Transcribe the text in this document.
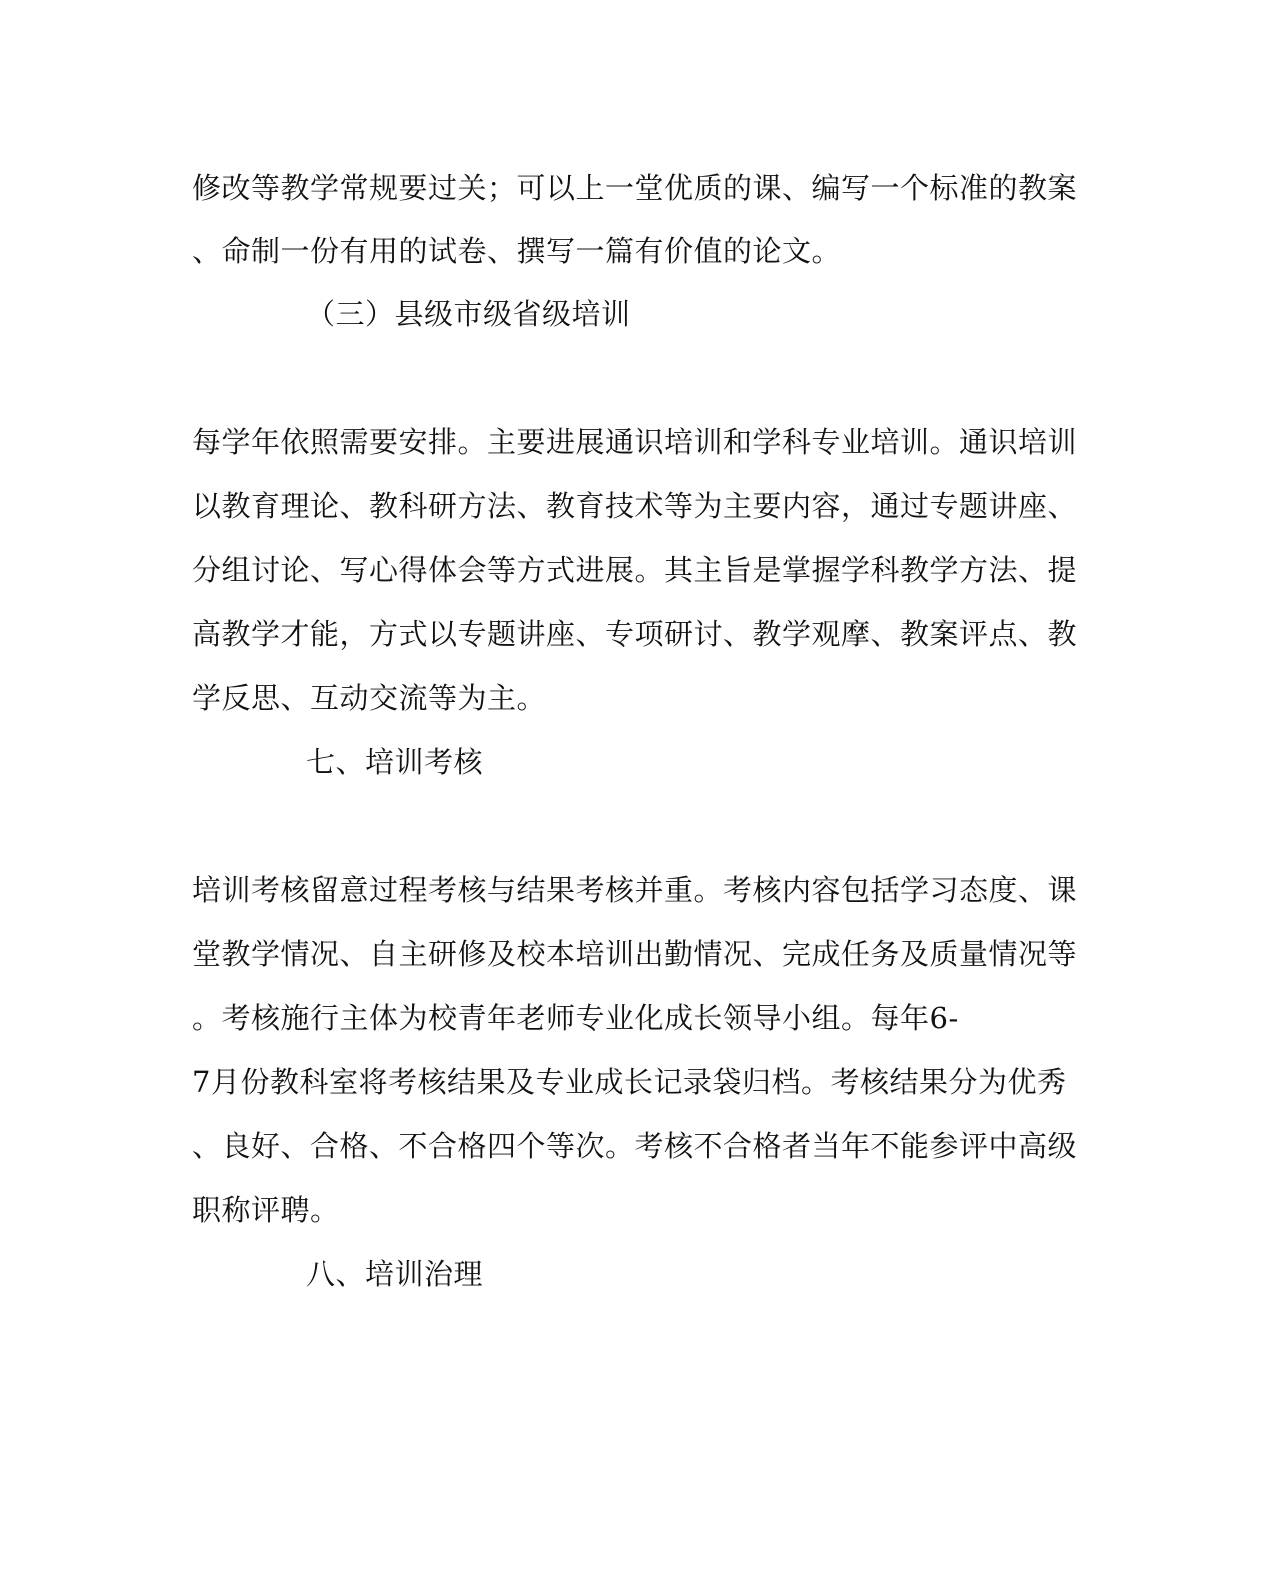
修改等教学常规要过关；可以上一堂优质的课、编写一个标准的教案
、命制一份有用的试卷、撰写一篇有价值的论文。
（三）县级市级省级培训
每学年依照需要安排。主要进展通识培训和学科专业培训。通识培训
以教育理论、教科研方法、教育技术等为主要内容，通过专题讲座、
分组讨论、写心得体会等方式进展。其主旨是掌握学科教学方法、提
高教学才能，方式以专题讲座、专项研讨、教学观摩、教案评点、教
学反思、互动交流等为主。
七、培训考核
培训考核留意过程考核与结果考核并重。考核内容包括学习态度、课
堂教学情况、自主研修及校本培训出勤情况、完成任务及质量情况等
。考核施行主体为校青年老师专业化成长领导小组。每年6-
7月份教科室将考核结果及专业成长记录袋归档。考核结果分为优秀
、良好、合格、不合格四个等次。考核不合格者当年不能参评中高级
职称评聘。
八、培训治理
